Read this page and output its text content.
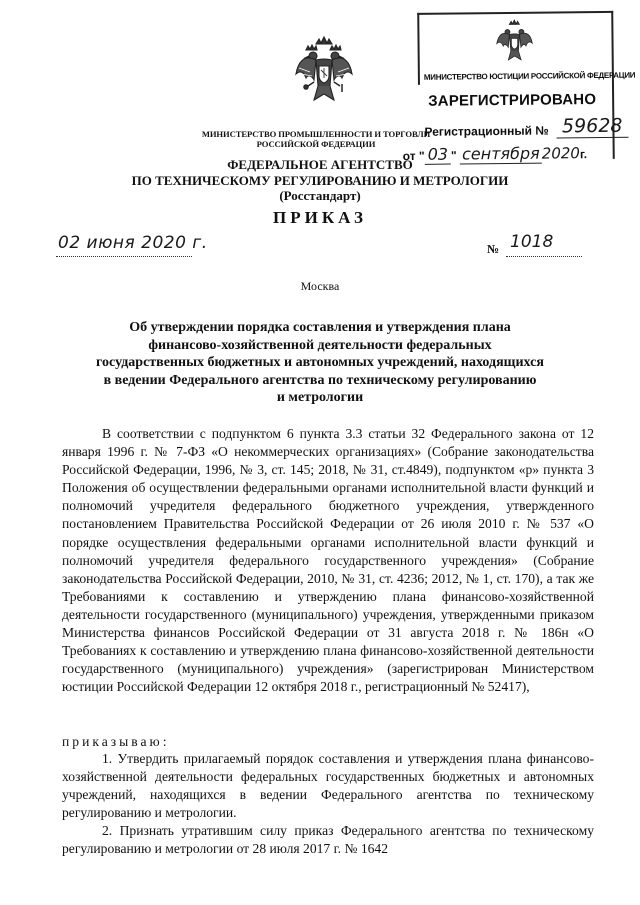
МИНИСТЕРСТВО ПРОМЫШЛЕННОСТИ И ТОРГОВЛИ
РОССИЙСКОЙ ФЕДЕРАЦИИ
ФЕДЕРАЛЬНОЕ АГЕНТСТВО
ПО ТЕХНИЧЕСКОМУ РЕГУЛИРОВАНИЮ И МЕТРОЛОГИИ
(Росстандарт)
ПРИКАЗ
МИНИСТЕРСТВО ЮСТИЦИИ РОССИЙСКОЙ ФЕДЕРАЦИИ
ЗАРЕГИСТРИРОВАНО
Регистрационный № 59628
от " 03 " сентября 2020г.
02 июня 2020 г.	№ 1018
Москва
Об утверждении порядка составления и утверждения плана
финансово-хозяйственной деятельности федеральных
государственных бюджетных и автономных учреждений, находящихся
в ведении Федерального агентства по техническому регулированию
и метрологии

В соответствии с подпунктом 6 пункта 3.3 статьи 32 Федерального закона от 12 января 1996 г. № 7-ФЗ «О некоммерческих организациях» (Собрание законодательства Российской Федерации, 1996, № 3, ст. 145; 2018, № 31, ст.4849), подпунктом «р» пункта 3 Положения об осуществлении федеральными органами исполнительной власти функций и полномочий учредителя федерального бюджетного учреждения, утвержденного постановлением Правительства Российской Федерации от 26 июля 2010 г. № 537 «О порядке осуществления федеральными органами исполнительной власти функций и полномочий учредителя федерального государственного учреждения» (Собрание законодательства Российской Федерации, 2010, № 31, ст. 4236; 2012, № 1, ст. 170), а так же Требованиями к составлению и утверждению плана финансово-хозяйственной деятельности государственного (муниципального) учреждения, утвержденными приказом Министерства финансов Российской Федерации от 31 августа 2018 г. № 186н «О Требованиях к составлению и утверждению плана финансово-хозяйственной деятельности государственного (муниципального) учреждения» (зарегистрирован Министерством юстиции Российской Федерации 12 октября 2018 г., регистрационный № 52417),

приказываю:

1. Утвердить прилагаемый порядок составления и утверждения плана финансово-хозяйственной деятельности федеральных государственных бюджетных и автономных учреждений, находящихся в ведении Федерального агентства по техническому регулированию и метрологии.

2. Признать утратившим силу приказ Федерального агентства по техническому регулированию и метрологии от 28 июля 2017 г. № 1642
